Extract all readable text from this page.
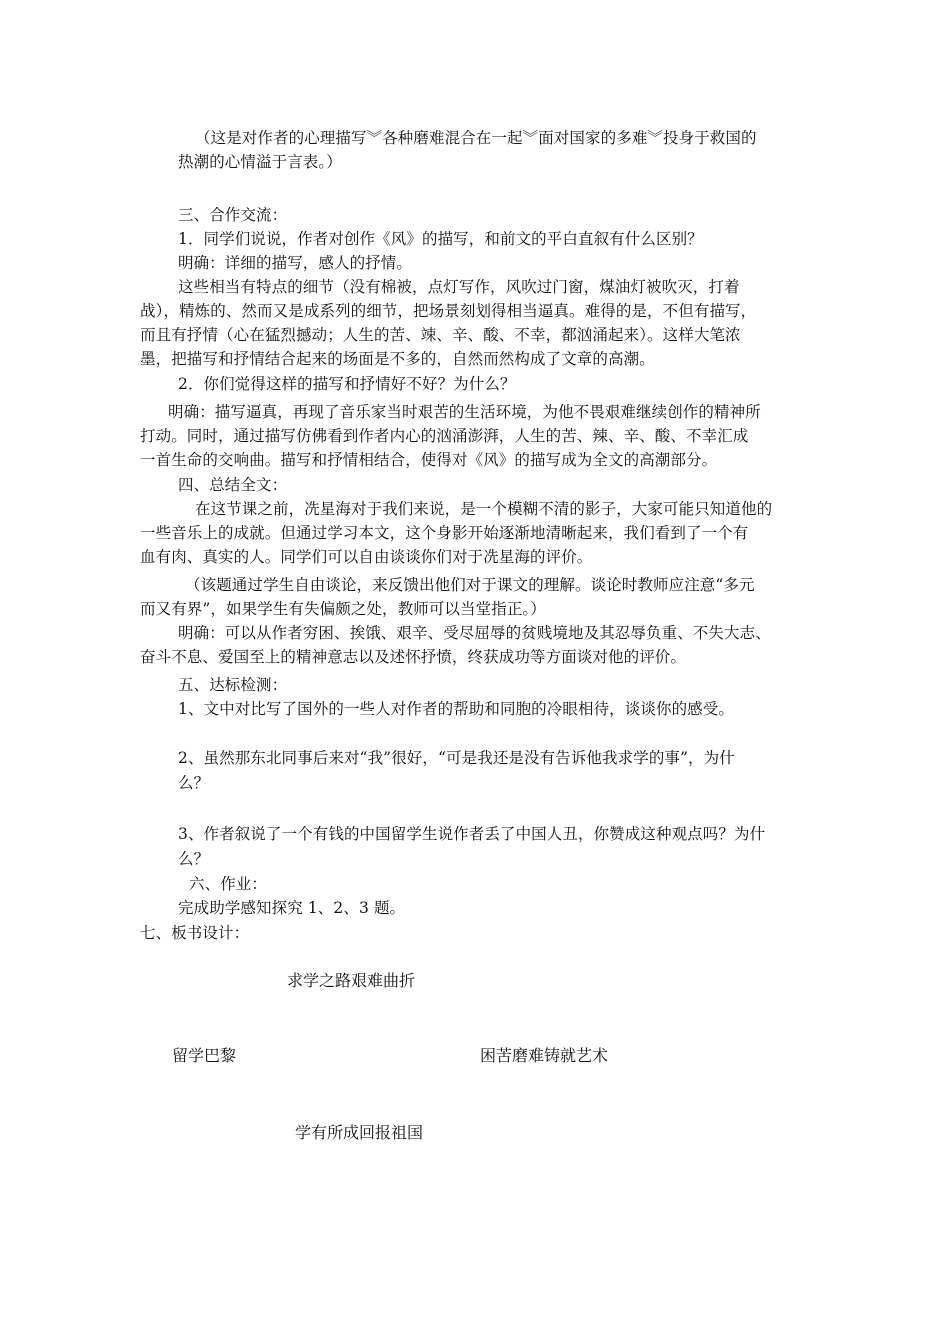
（这是对作者的心理描写︾各种磨难混合在一起︾面对国家的多难︾投身于救国的
热潮的心情溢于言表。）
三、合作交流：
1．同学们说说，作者对创作《风》的描写，和前文的平白直叙有什么区别？
明确：详细的描写，感人的抒情。
这些相当有特点的细节（没有棉被，点灯写作，风吹过门窗，煤油灯被吹灭，打着
战），精炼的、然而又是成系列的细节，把场景刻划得相当逼真。难得的是，不但有描写，
而且有抒情（心在猛烈撼动；人生的苦、竦、辛、酸、不幸，都汹涌起来）。这样大笔浓
墨，把描写和抒情结合起来的场面是不多的，自然而然构成了文章的高潮。
2．你们觉得这样的描写和抒情好不好？为什么？
明确：描写逼真，再现了音乐家当时艰苦的生活环境，为他不畏艰难继续创作的精神所
打动。同时，通过描写仿佛看到作者内心的汹涌澎湃，人生的苦、辣、辛、酸、不幸汇成
一首生命的交响曲。描写和抒情相结合，使得对《风》的描写成为全文的高潮部分。
四、总结全文：
在这节课之前，冼星海对于我们来说，是一个模糊不清的影子，大家可能只知道他的
一些音乐上的成就。但通过学习本文，这个身影开始逐渐地清晰起来，我们看到了一个有
血有肉、真实的人。同学们可以自由谈谈你们对于冼星海的评价。
（该题通过学生自由谈论，来反馈出他们对于课文的理解。谈论时教师应注意“多元
而又有界”，如果学生有失偏颇之处，教师可以当堂指正。）
明确：可以从作者穷困、挨饿、艰辛、受尽屈辱的贫贱境地及其忍辱负重、不失大志、
奋斗不息、爱国至上的精神意志以及述怀抒愤，终获成功等方面谈对他的评价。
五、达标检测：
1、文中对比写了国外的一些人对作者的帮助和同胞的冷眼相待，谈谈你的感受。
2、虽然那东北同事后来对“我”很好，“可是我还是没有告诉他我求学的事”，为什
么？
3、作者叙说了一个有钱的中国留学生说作者丢了中国人丑，你赞成这种观点吗？为什
么？
六、作业：
完成助学感知探究 1、2、3 题。
七、板书设计：
求学之路艰难曲折
留学巴黎	困苦磨难铸就艺术
学有所成回报祖国
